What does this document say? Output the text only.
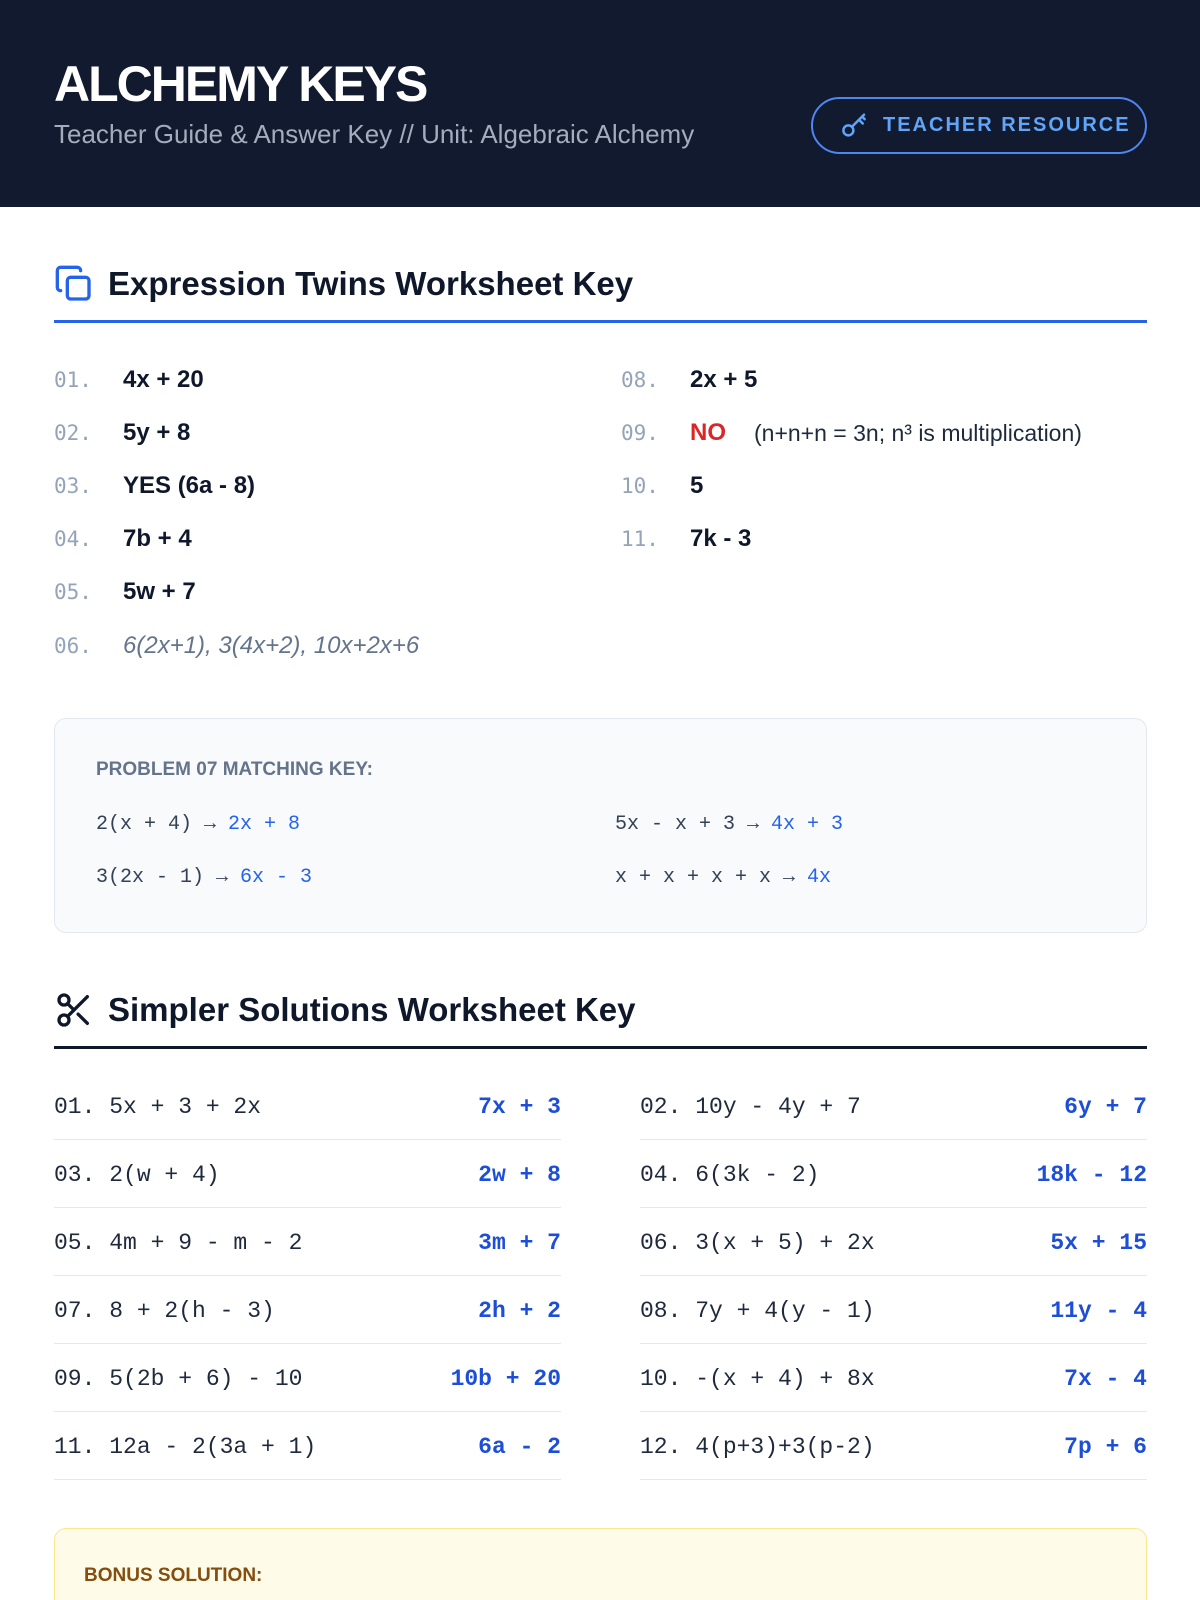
ALCHEMY KEYS
Teacher Guide & Answer Key // Unit: Algebraic Alchemy	TEACHER RESOURCE
Expression Twins Worksheet Key
01.	4x + 20
02.	5y + 8
03.	YES (6a - 8)
04.	7b + 4
05.	5w + 7
06.	6(2x+1), 3(4x+2), 10x+2x+6
08.	2x + 5
09.	NO (n+n+n = 3n; n³ is multiplication)
10.	5
11.	7k - 3
PROBLEM 07 MATCHING KEY:
2(x + 4) → 2x + 8	5x - x + 3 → 4x + 3
3(2x - 1) → 6x - 3	x + x + x + x → 4x
Simpler Solutions Worksheet Key
01. 5x + 3 + 2x	7x + 3	02. 10y - 4y + 7	6y + 7
03. 2(w + 4)	2w + 8	04. 6(3k - 2)	18k - 12
05. 4m + 9 - m - 2	3m + 7	06. 3(x + 5) + 2x	5x + 15
07. 8 + 2(h - 3)	2h + 2	08. 7y + 4(y - 1)	11y - 4
09. 5(2b + 6) - 10	10b + 20	10. -(x + 4) + 8x	7x - 4
11. 12a - 2(3a + 1)	6a - 2	12. 4(p+3)+3(p-2)	7p + 6
BONUS SOLUTION:
